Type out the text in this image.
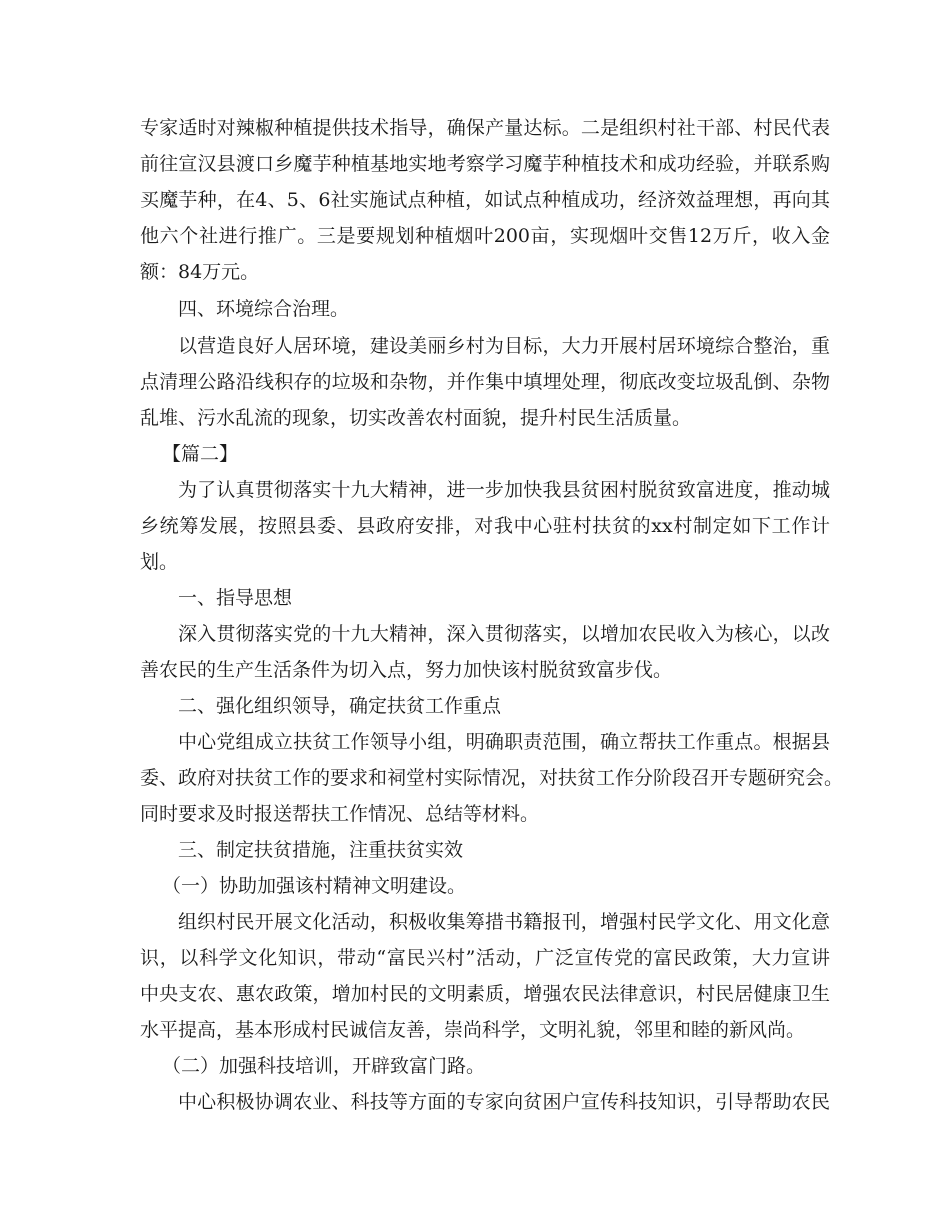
专家适时对辣椒种植提供技术指导，确保产量达标。二是组织村社干部、村民代表
前往宣汉县渡口乡魔芋种植基地实地考察学习魔芋种植技术和成功经验，并联系购
买魔芋种，在4、5、6社实施试点种植，如试点种植成功，经济效益理想，再向其
他六个社进行推广。三是要规划种植烟叶200亩，实现烟叶交售12万斤，收入金
额：84万元。
四、环境综合治理。
以营造良好人居环境，建设美丽乡村为目标，大力开展村居环境综合整治，重
点清理公路沿线积存的垃圾和杂物，并作集中填埋处理，彻底改变垃圾乱倒、杂物
乱堆、污水乱流的现象，切实改善农村面貌，提升村民生活质量。
【篇二】
为了认真贯彻落实十九大精神，进一步加快我县贫困村脱贫致富进度，推动城
乡统筹发展，按照县委、县政府安排，对我中心驻村扶贫的xx村制定如下工作计
划。
一、指导思想
深入贯彻落实党的十九大精神，深入贯彻落实，以增加农民收入为核心，以改
善农民的生产生活条件为切入点，努力加快该村脱贫致富步伐。
二、强化组织领导，确定扶贫工作重点
中心党组成立扶贫工作领导小组，明确职责范围，确立帮扶工作重点。根据县
委、政府对扶贫工作的要求和祠堂村实际情况，对扶贫工作分阶段召开专题研究会。
同时要求及时报送帮扶工作情况、总结等材料。
三、制定扶贫措施，注重扶贫实效
（一）协助加强该村精神文明建设。
组织村民开展文化活动，积极收集筹措书籍报刊，增强村民学文化、用文化意
识，以科学文化知识，带动“富民兴村”活动，广泛宣传党的富民政策，大力宣讲
中央支农、惠农政策，增加村民的文明素质，增强农民法律意识，村民居健康卫生
水平提高，基本形成村民诚信友善，崇尚科学，文明礼貌，邻里和睦的新风尚。
（二）加强科技培训，开辟致富门路。
中心积极协调农业、科技等方面的专家向贫困户宣传科技知识，引导帮助农民
